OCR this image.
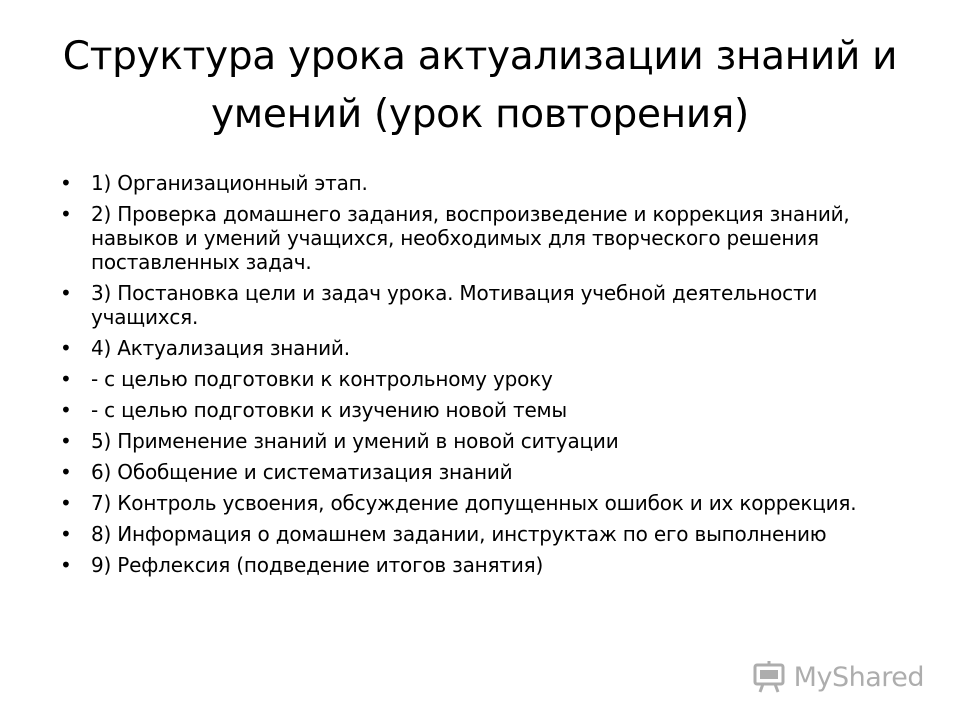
Структура урока актуализации знаний и умений (урок повторения)
• 1) Организационный этап.
• 2) Проверка домашнего задания, воспроизведение и коррекция знаний, навыков и умений учащихся, необходимых для творческого решения поставленных задач.
• 3) Постановка цели и задач урока. Мотивация учебной деятельности учащихся.
• 4) Актуализация знаний.
• - с целью подготовки к контрольному уроку
• - с целью подготовки к изучению новой темы
• 5) Применение знаний и умений в новой ситуации
• 6) Обобщение и систематизация знаний
• 7) Контроль усвоения, обсуждение допущенных ошибок и их коррекция.
• 8) Информация о домашнем задании, инструктаж по его выполнению
• 9) Рефлексия (подведение итогов занятия)
MyShared
